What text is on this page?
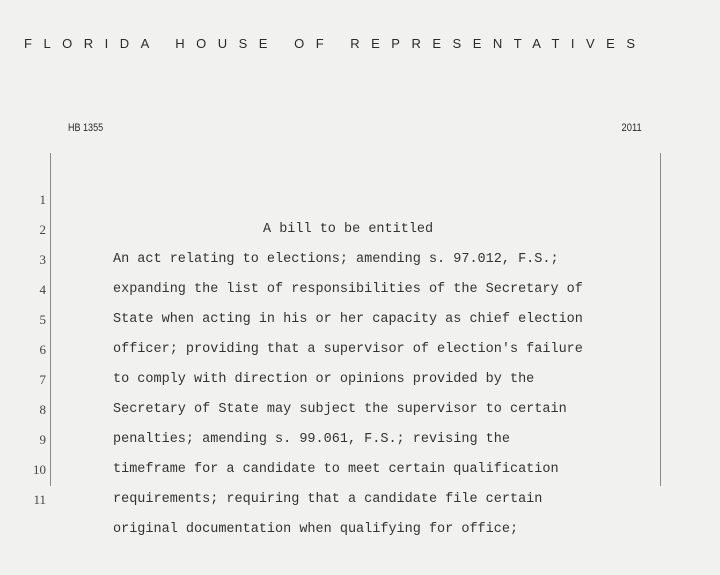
FLORIDA HOUSE OF REPRESENTATIVES
HB 1355	2011

1

A bill to be entitled

2

An act relating to elections; amending s. 97.012, F.S.;

3

expanding the list of responsibilities of the Secretary of

4

State when acting in his or her capacity as chief election

5

officer; providing that a supervisor of election's failure

6

to comply with direction or opinions provided by the

7

Secretary of State may subject the supervisor to certain

8

penalties; amending s. 99.061, F.S.; revising the

9

timeframe for a candidate to meet certain qualification

10

requirements; requiring that a candidate file certain

11

original documentation when qualifying for office;
